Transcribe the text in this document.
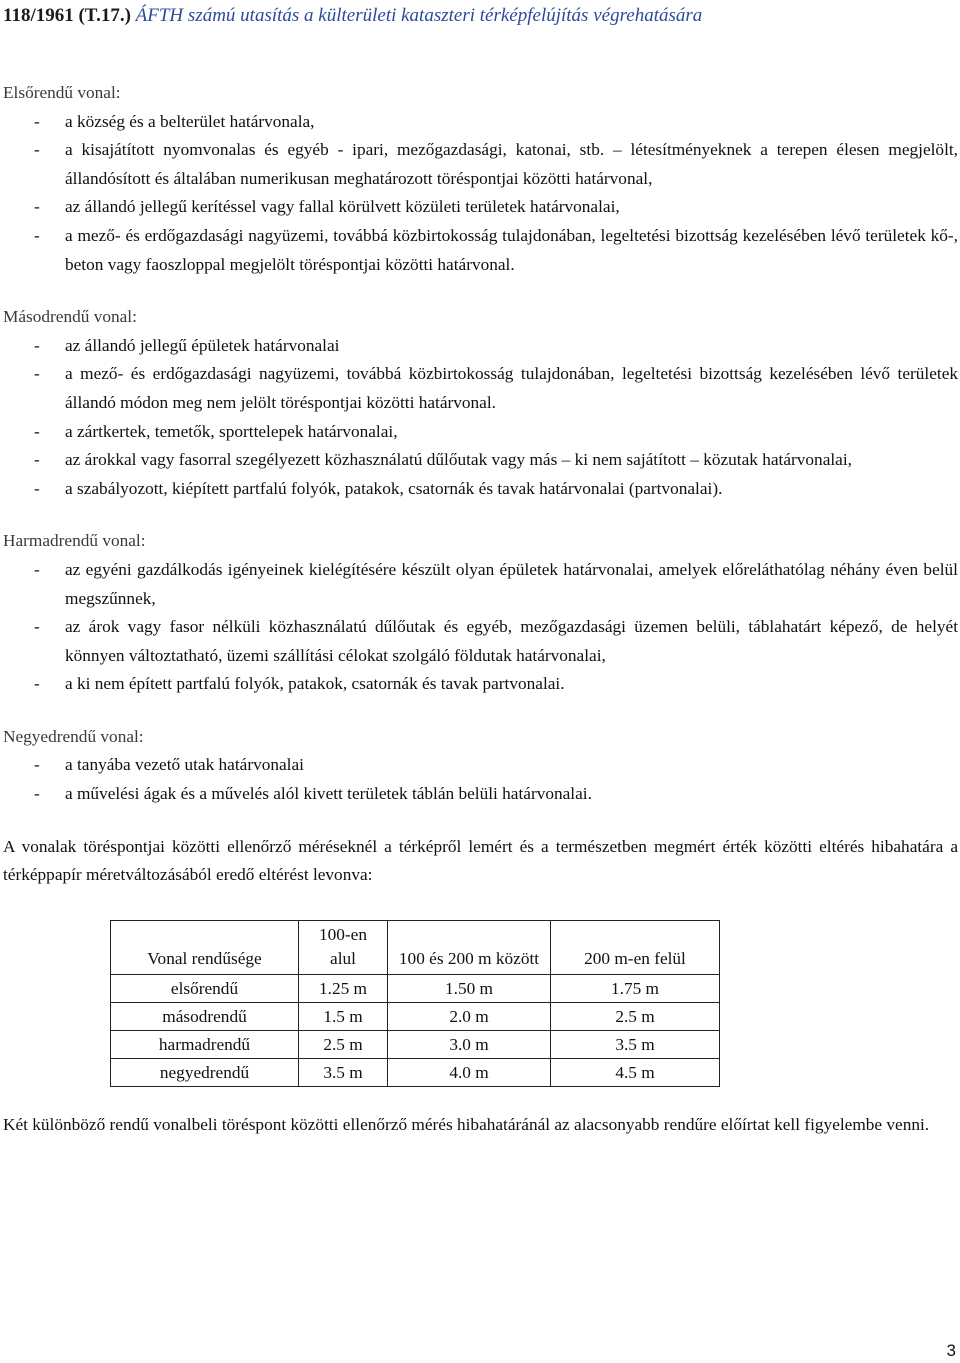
118/1961 (T.17.) ÁFTH számú utasítás a külterületi kataszteri térképfelújítás végrehatására

Elsőrendű vonal:

- a község és a belterület határvonala,
- a kisajátított nyomvonalas és egyéb - ipari, mezőgazdasági, katonai, stb. – létesítményeknek a terepen élesen megjelölt, állandósított és általában numerikusan meghatározott töréspontjai közötti határvonal,
- az állandó jellegű kerítéssel vagy fallal körülvett közületi területek határvonalai,
- a mező- és erdőgazdasági nagyüzemi, továbbá közbirtokosság tulajdonában, legeltetési bizottság kezelésében lévő területek kő-, beton vagy faoszloppal megjelölt töréspontjai közötti határvonal.

Másodrendű vonal:

- az állandó jellegű épületek határvonalai
- a mező- és erdőgazdasági nagyüzemi, továbbá közbirtokosság tulajdonában, legeltetési bizottság kezelésében lévő területek állandó módon meg nem jelölt töréspontjai közötti határvonal.
- a zártkertek, temetők, sporttelepek határvonalai,
- az árokkal vagy fasorral szegélyezett közhasználatú dűlőutak vagy más – ki nem sajátított – közutak határvonalai,
- a szabályozott, kiépített partfalú folyók, patakok, csatornák és tavak határvonalai (partvonalai).

Harmadrendű vonal:

- az egyéni gazdálkodás igényeinek kielégítésére készült olyan épületek határvonalai, amelyek előreláthatólag néhány éven belül megszűnnek,
- az árok vagy fasor nélküli közhasználatú dűlőutak és egyéb, mezőgazdasági üzemen belüli, táblahatárt képező, de helyét könnyen változtatható, üzemi szállítási célokat szolgáló földutak határvonalai,
- a ki nem épített partfalú folyók, patakok, csatornák és tavak partvonalai.

Negyedrendű vonal:

- a tanyába vezető utak határvonalai
- a művelési ágak és a művelés alól kivett területek táblán belüli határvonalai.

A vonalak töréspontjai közötti ellenőrző méréseknél a térképről lemért és a természetben megmért érték közötti eltérés hibahatára a térképpapír méretváltozásából eredő eltérést levonva:

Vonal rendűsége	100-en alul	100 és 200 m között	200 m-en felül
elsőrendű	1.25 m	1.50 m	1.75 m
másodrendű	1.5 m	2.0 m	2.5 m
harmadrendű	2.5 m	3.0 m	3.5 m
negyedrendű	3.5 m	4.0 m	4.5 m

Két különböző rendű vonalbeli töréspont közötti ellenőrző mérés hibahatáránál az alacsonyabb rendűre előírtat kell figyelembe venni.

3
